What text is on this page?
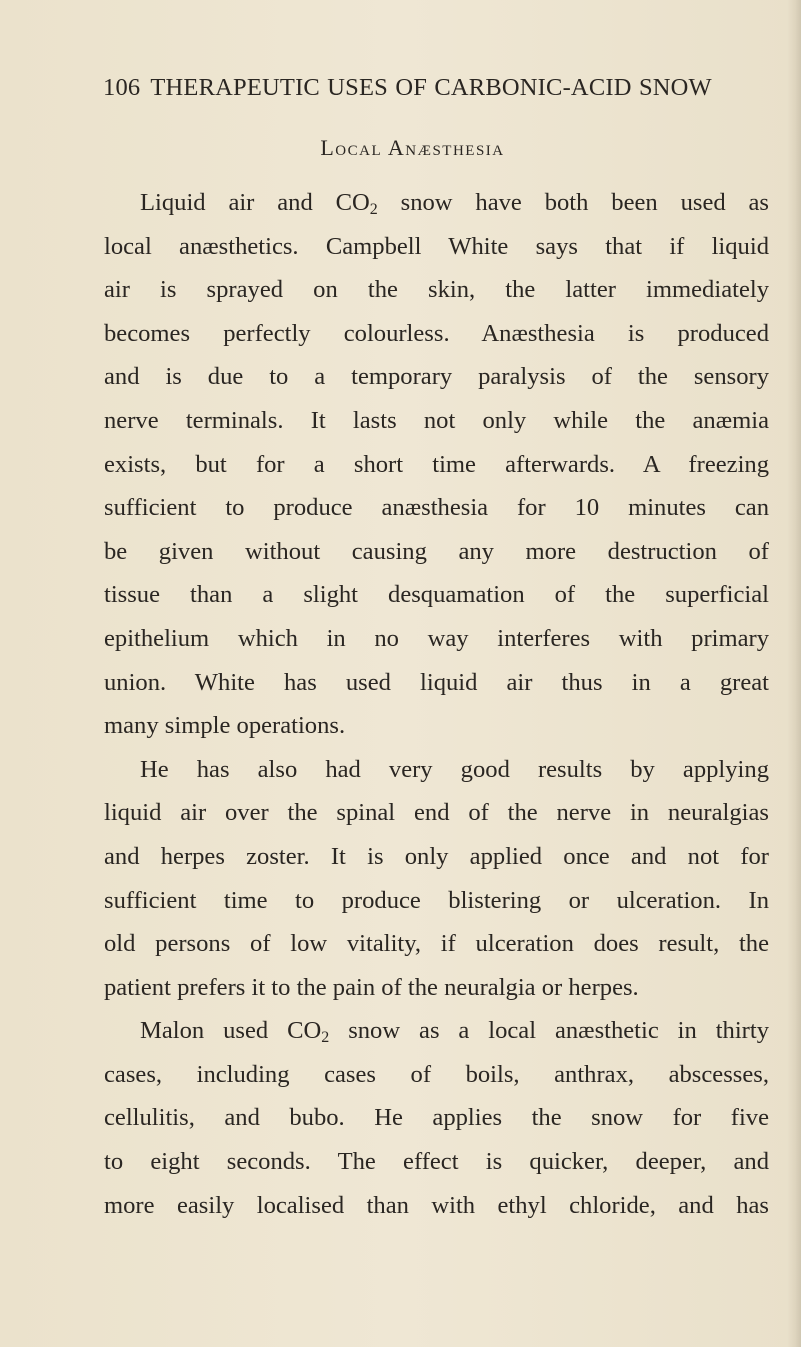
106 THERAPEUTIC USES OF CARBONIC-ACID SNOW
Local Anæsthesia
Liquid air and $CO_2$ snow have both been used as
local anæsthetics. Campbell White says that if liquid
air is sprayed on the skin, the latter immediately
becomes perfectly colourless. Anæsthesia is produced
and is due to a temporary paralysis of the sensory
nerve terminals. It lasts not only while the anæmia
exists, but for a short time afterwards. A freezing
sufficient to produce anæsthesia for 10 minutes can
be given without causing any more destruction of
tissue than a slight desquamation of the superficial
epithelium which in no way interferes with primary
union. White has used liquid air thus in a great
many simple operations.
He has also had very good results by applying
liquid air over the spinal end of the nerve in neuralgias
and herpes zoster. It is only applied once and not for
sufficient time to produce blistering or ulceration. In
old persons of low vitality, if ulceration does result, the
patient prefers it to the pain of the neuralgia or herpes.
Malon used $CO_2$ snow as a local anæsthetic in thirty
cases, including cases of boils, anthrax, abscesses,
cellulitis, and bubo. He applies the snow for five
to eight seconds. The effect is quicker, deeper, and
more easily localised than with ethyl chloride, and has
